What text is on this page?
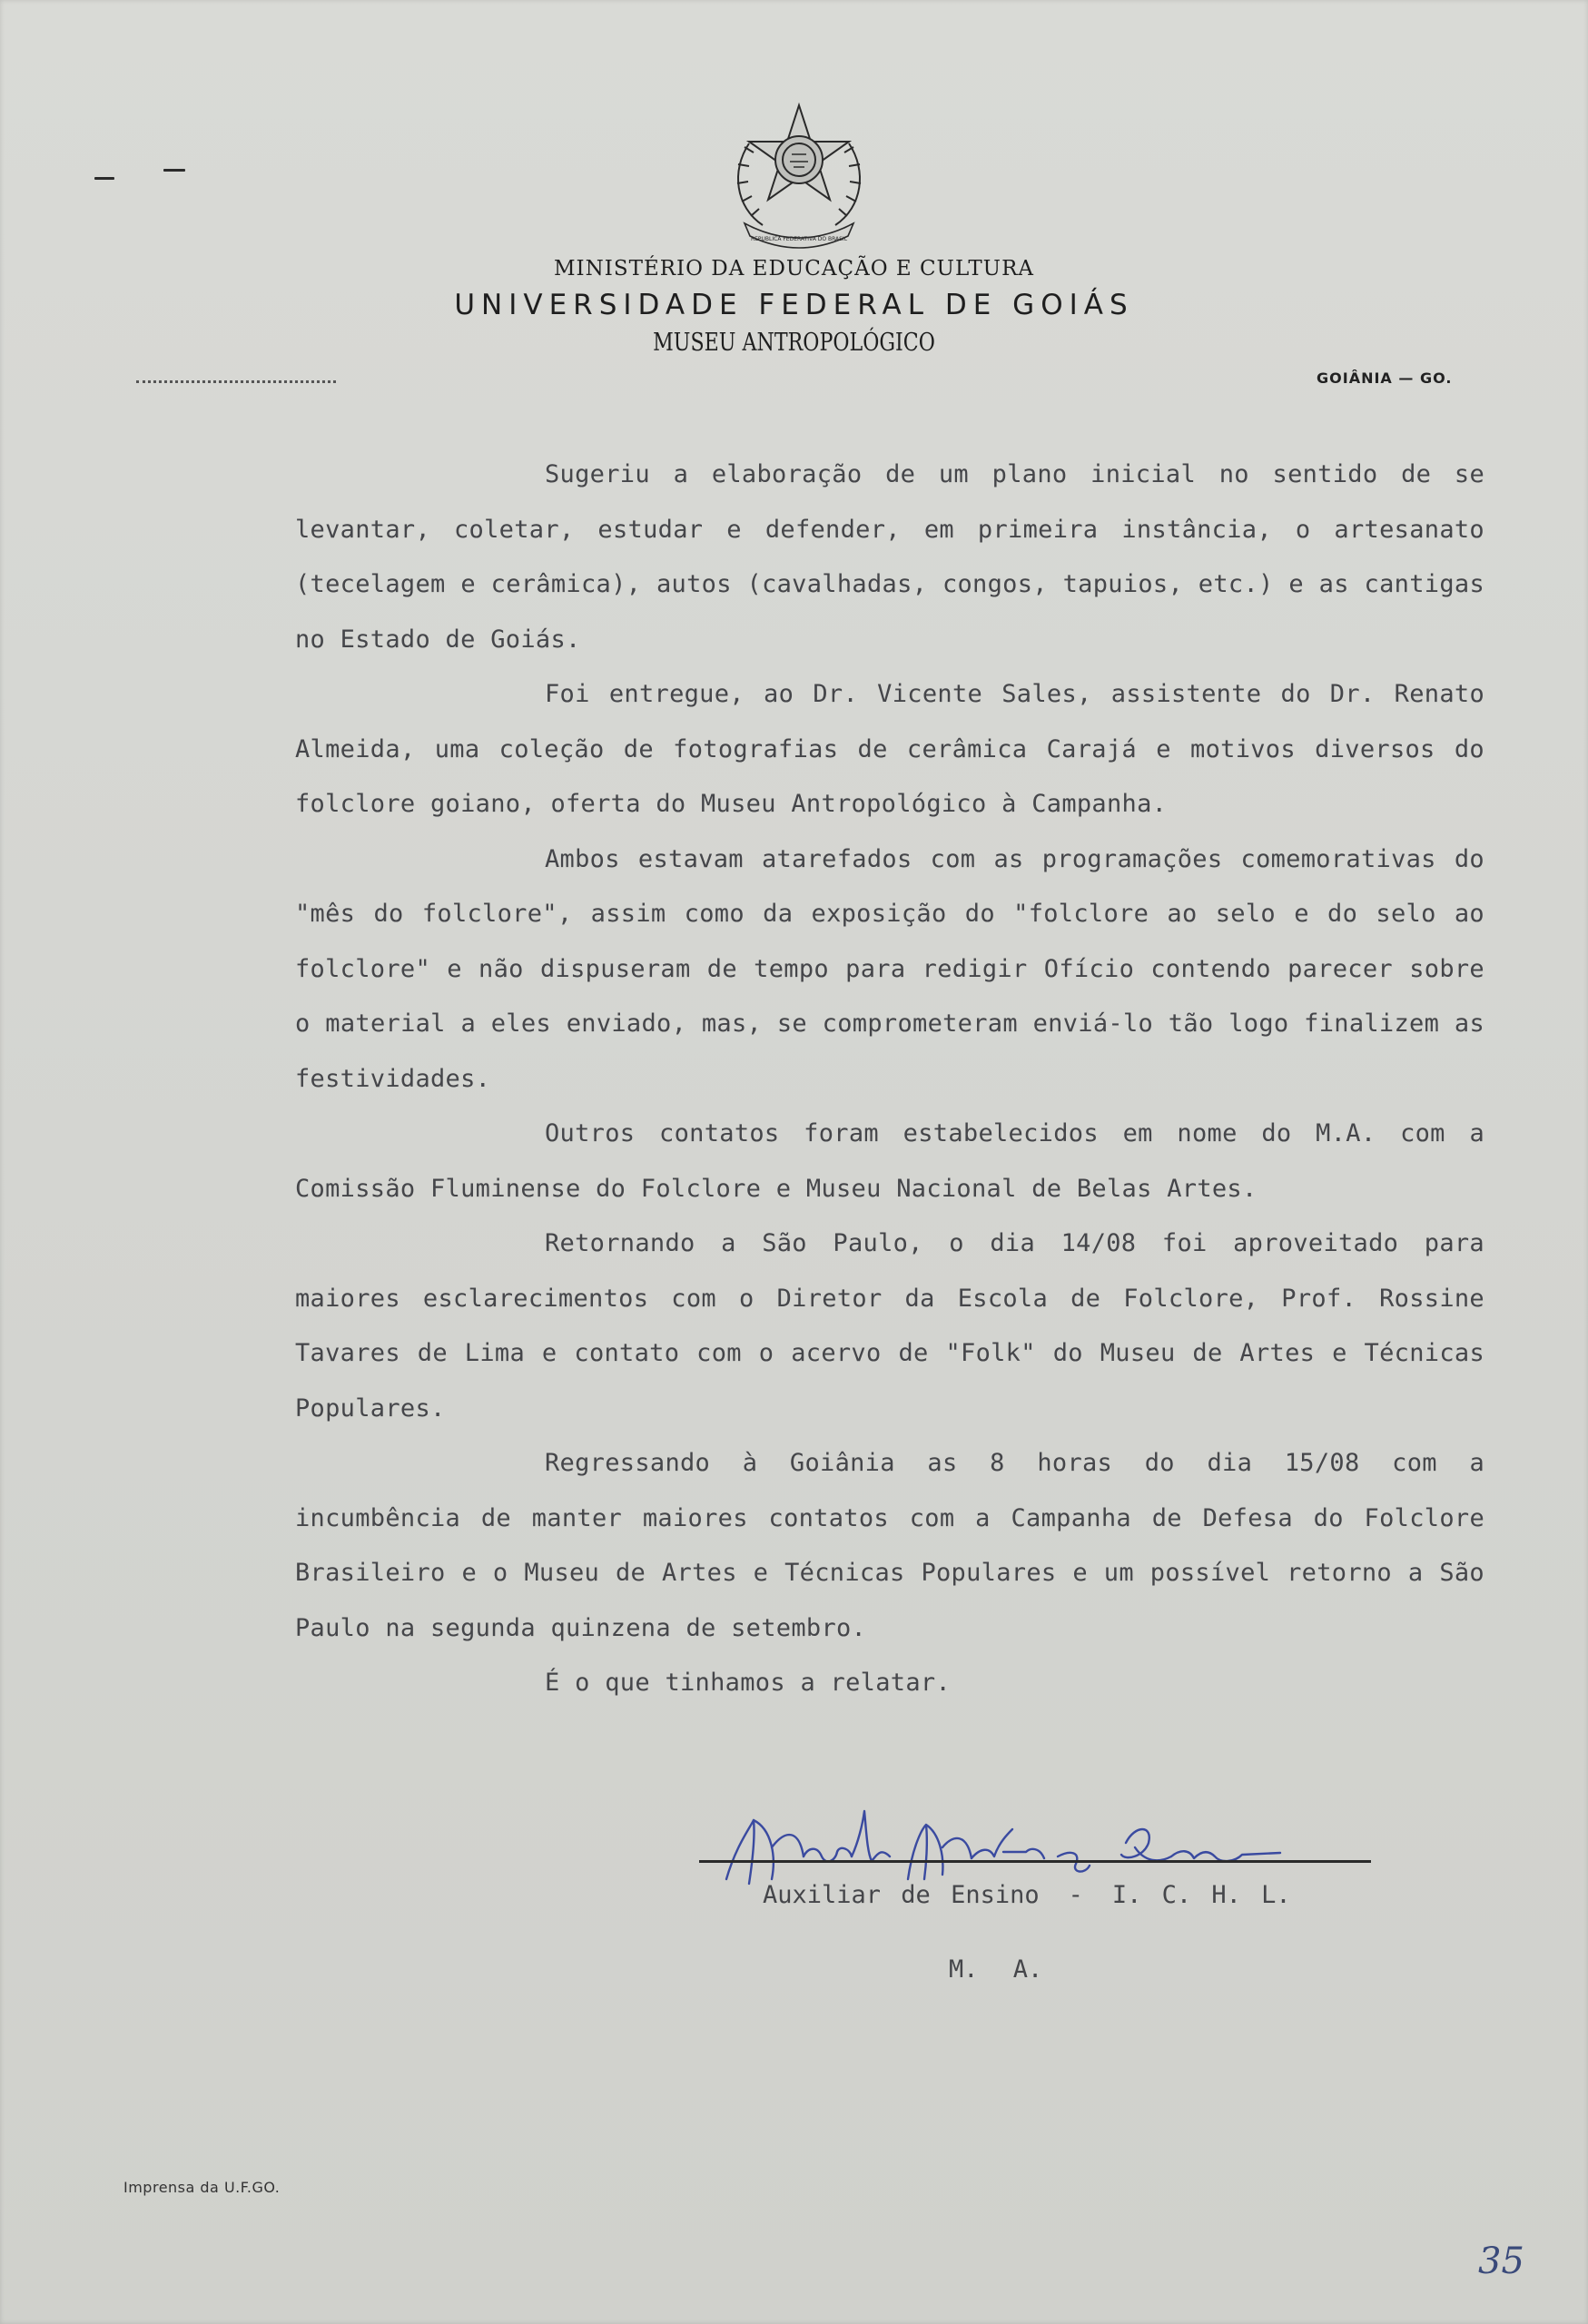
REPUBLICA FEDERATIVA DO BRASIL
MINISTÉRIO DA EDUCAÇÃO E CULTURA
UNIVERSIDADE FEDERAL DE GOIÁS
MUSEU ANTROPOLÓGICO
GOIÂNIA — GO.

Sugeriu a elaboração de um plano inicial no sentido de se levantar, coletar, estudar e defender, em primeira instância, o artesanato (tecelagem e cerâmica), autos (cavalhadas, congos, tapuios, etc.) e as cantigas no Estado de Goiás.

Foi entregue, ao Dr. Vicente Sales, assistente do Dr. Renato Almeida, uma coleção de fotografias de cerâmica Carajá e motivos diversos do folclore goiano, oferta do Museu Antropológico à Campanha.

Ambos estavam atarefados com as programações comemorativas do "mês do folclore", assim como da exposição do "folclore ao selo e do selo ao folclore" e não dispuseram de tempo para redigir Ofício contendo parecer sobre o material a eles enviado, mas, se comprometeram enviá-lo tão logo finalizem as festividades.

Outros contatos foram estabelecidos em nome do M.A. com a Comissão Fluminense do Folclore e Museu Nacional de Belas Artes.

Retornando a São Paulo, o dia 14/08 foi aproveitado para maiores esclarecimentos com o Diretor da Escola de Folclore, Prof. Rossine Tavares de Lima e contato com o acervo de "Folk" do Museu de Artes e Técnicas Populares.

Regressando à Goiânia as 8 horas do dia 15/08 com a incumbência de manter maiores contatos com a Campanha de Defesa do Folclore Brasileiro e o Museu de Artes e Técnicas Populares e um possível retorno a São Paulo na segunda quinzena de setembro.

É o que tinhamos a relatar.

Auxiliar de Ensino - I. C. H. L.
M. A.
Imprensa da U.F.GO.
35
